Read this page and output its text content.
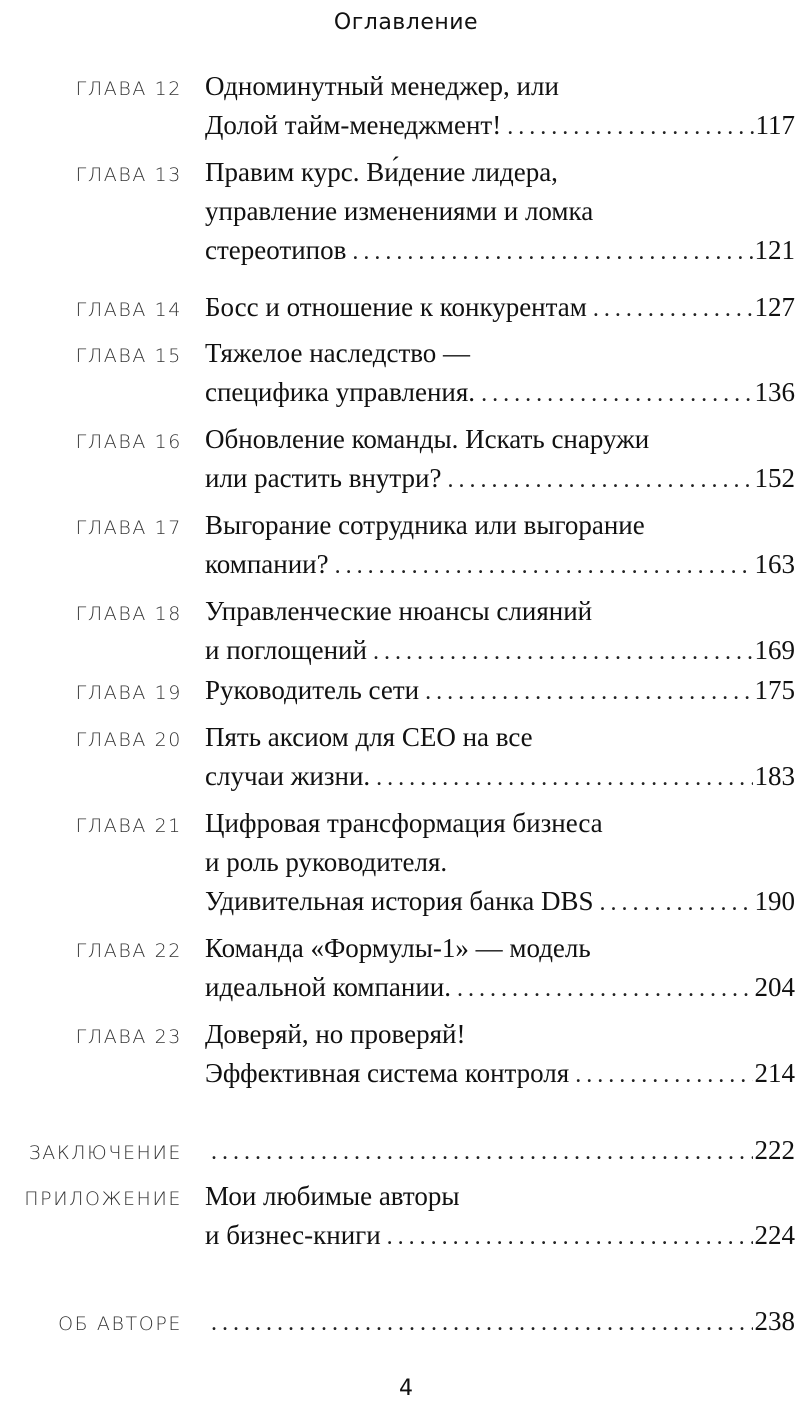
Оглавление
ГЛАВА 12 Одноминутный менеджер, или
Долой тайм-менеджмент! . . .	117
ГЛАВА 13 Правим курс. Ви́дение лидера,
управление изменениями и ломка
стереотипов . . .	121
ГЛАВА 14 Босс и отношение к конкурентам . . .	127
ГЛАВА 15 Тяжелое наследство —
специфика управления. . . .	136
ГЛАВА 16 Обновление команды. Искать снаружи
или растить внутри? . . .	152
ГЛАВА 17 Выгорание сотрудника или выгорание
компании? . . .	163
ГЛАВА 18 Управленческие нюансы слияний
и поглощений . . .	169
ГЛАВА 19 Руководитель сети . . .	175
ГЛАВА 20 Пять аксиом для CEO на все
случаи жизни. . . .	183
ГЛАВА 21 Цифровая трансформация бизнеса
и роль руководителя.
Удивительная история банка DBS . . .	190
ГЛАВА 22 Команда «Формулы-1» — модель
идеальной компании. . . .	204
ГЛАВА 23 Доверяй, но проверяй!
Эффективная система контроля . . .	214
ЗАКЛЮЧЕНИЕ . . .	222
ПРИЛОЖЕНИЕ Мои любимые авторы
и бизнес-книги . . .	224
ОБ АВТОРЕ . . .	238
4
